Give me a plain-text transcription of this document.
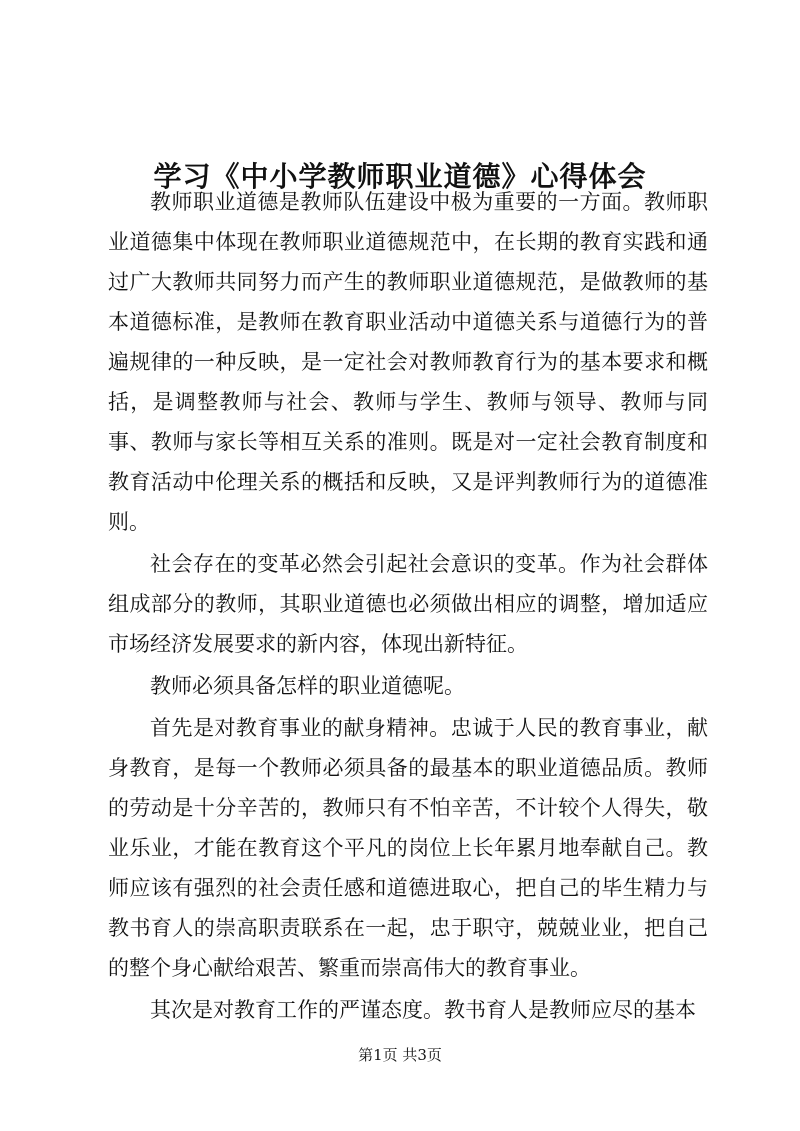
学习《中小学教师职业道德》心得体会

教师职业道德是教师队伍建设中极为重要的一方面。教师职业道德集中体现在教师职业道德规范中，在长期的教育实践和通过广大教师共同努力而产生的教师职业道德规范，是做教师的基本道德标准，是教师在教育职业活动中道德关系与道德行为的普遍规律的一种反映，是一定社会对教师教育行为的基本要求和概括，是调整教师与社会、教师与学生、教师与领导、教师与同事、教师与家长等相互关系的准则。既是对一定社会教育制度和教育活动中伦理关系的概括和反映，又是评判教师行为的道德准则。

社会存在的变革必然会引起社会意识的变革。作为社会群体组成部分的教师，其职业道德也必须做出相应的调整，增加适应市场经济发展要求的新内容，体现出新特征。

教师必须具备怎样的职业道德呢。

首先是对教育事业的献身精神。忠诚于人民的教育事业，献身教育，是每一个教师必须具备的最基本的职业道德品质。教师的劳动是十分辛苦的，教师只有不怕辛苦，不计较个人得失，敬业乐业，才能在教育这个平凡的岗位上长年累月地奉献自己。教师应该有强烈的社会责任感和道德进取心，把自己的毕生精力与教书育人的崇高职责联系在一起，忠于职守，兢兢业业，把自己的整个身心献给艰苦、繁重而崇高伟大的教育事业。

其次是对教育工作的严谨态度。教书育人是教师应尽的基本

第1页 共3页
